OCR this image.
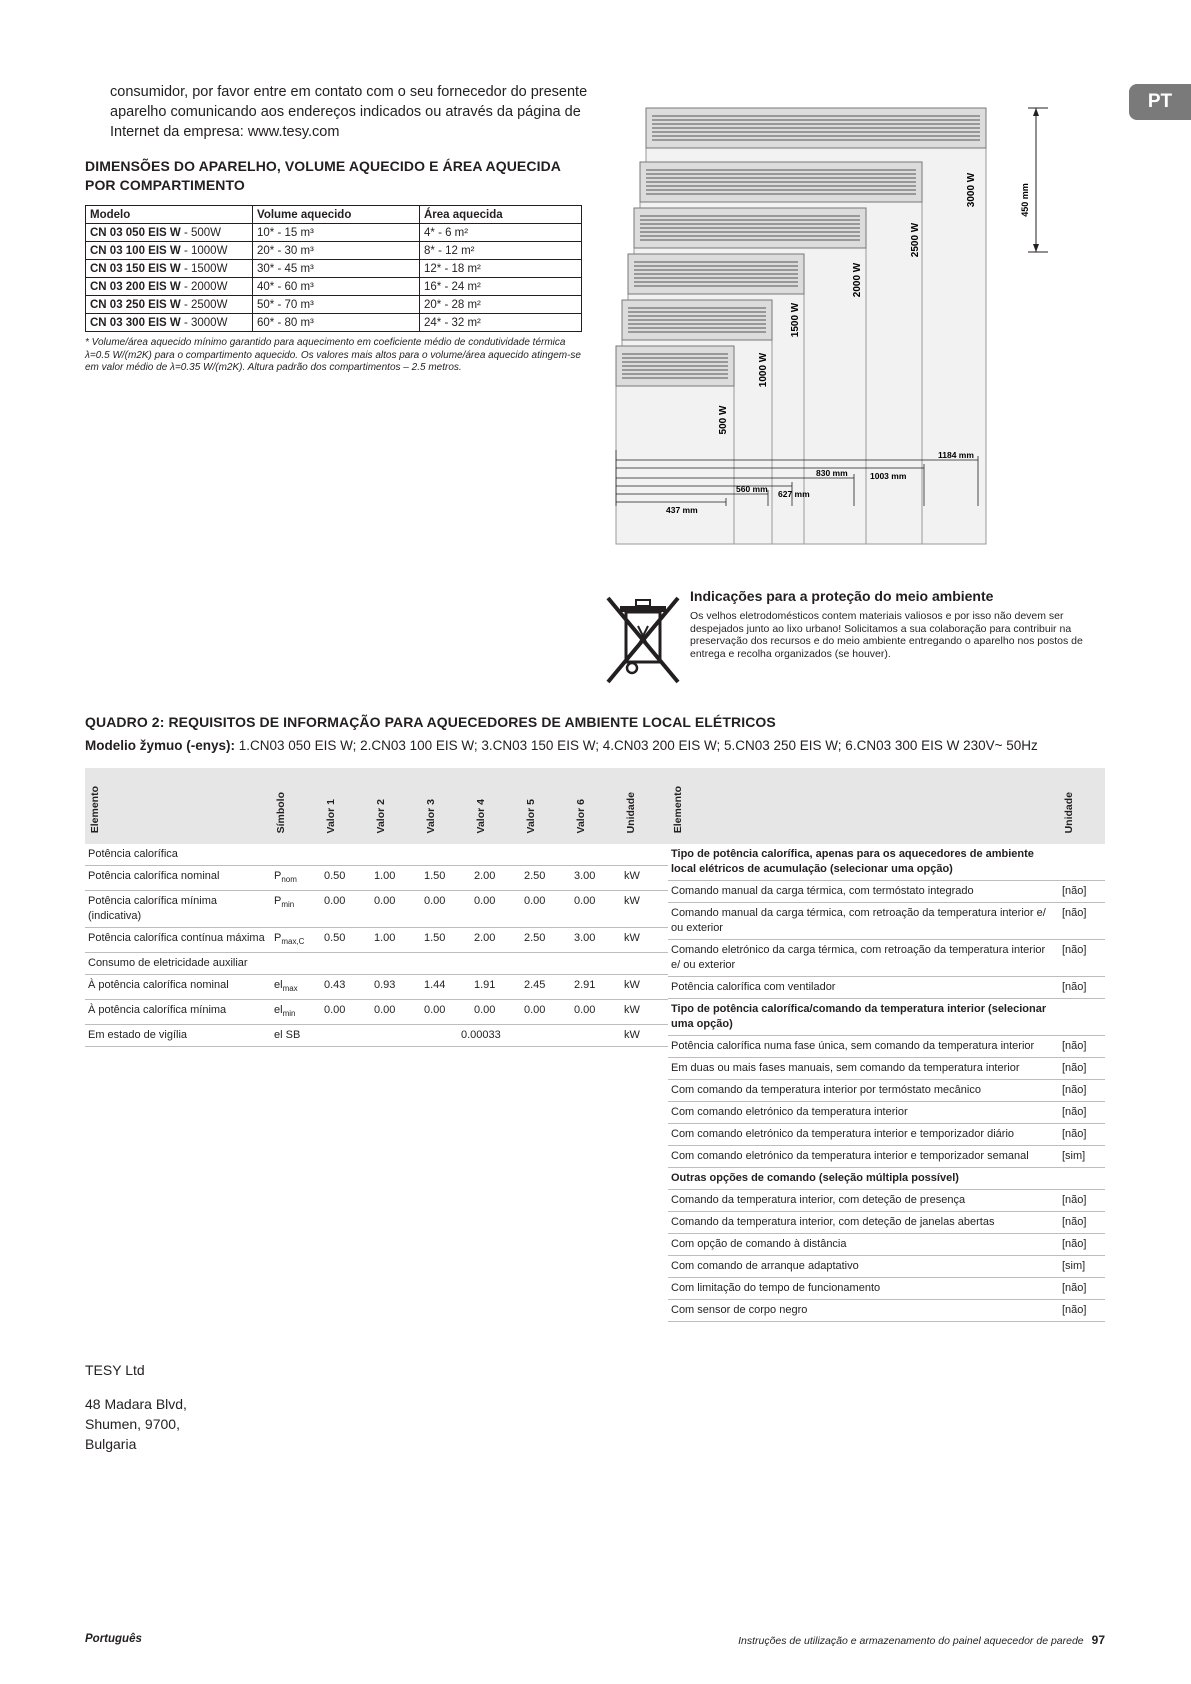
PT

consumidor, por favor entre em contato com o seu fornecedor do presente

aparelho comunicando aos endereços indicados ou através da página de

Internet da empresa: www.tesy.com

DIMENSÕES DO APARELHO, VOLUME AQUECIDO E ÁREA AQUECIDA
POR COMPARTIMENTO
Modelo	Volume aquecido	Área aquecida
CN 03 050 EIS W - 500W	10* - 15 m³	4* - 6 m²
CN 03 100 EIS W - 1000W	20* - 30 m³	8* - 12 m²
CN 03 150 EIS W - 1500W	30* - 45 m³	12* - 18 m²
CN 03 200 EIS W - 2000W	40* - 60 m³	16* - 24 m²
CN 03 250 EIS W - 2500W	50* - 70 m³	20* - 28 m²
CN 03 300 EIS W - 3000W	60* - 80 m³	24* - 32 m²
* Volume/área aquecido mínimo garantido para aquecimento em coeficiente médio de condutividade térmica λ=0.5 W/(m2K) para o compartimento aquecido. Os valores mais altos para o volume/área aquecido atingem-se em valor médio de λ=0.35 W/(m2K). Altura padrão dos compartimentos – 2.5 metros.
3000 W
2500 W
2000 W
1500 W
1000 W
500 W
450 mm
437 mm
560 mm 627 mm
830 mm	1003 mm
1184 mm
Indicações para a proteção do meio ambiente
Os velhos eletrodomésticos contem materiais valiosos e por isso não devem ser despejados junto ao lixo urbano! Solicitamos a sua colaboração para contribuir na preservação dos recursos e do meio ambiente entregando o aparelho nos postos de entrega e recolha organizados (se houver).
QUADRO 2: REQUISITOS DE INFORMAÇÃO PARA AQUECEDORES DE AMBIENTE LOCAL ELÉTRICOS
Modelio žymuo (-enys): 1.CN03 050 EIS W; 2.CN03 100 EIS W; 3.CN03 150 EIS W; 4.CN03 200 EIS W; 5.CN03 250 EIS W; 6.CN03 300 EIS W 230V~ 50Hz
Elemento	Símbolo	Valor 1	Valor 2	Valor 3	Valor 4	Valor 5	Valor 6	Unidade
Potência calorífica								
Potência calorífica nominal	$P_{nom}$	0.50	1.00	1.50	2.00	2.50	3.00	kW
Potência calorífica mínima (indicativa)	$P_{min}$	0.00	0.00	0.00	0.00	0.00	0.00	kW
Potência calorífica contínua máxima	$P_{max,C}$	0.50	1.00	1.50	2.00	2.50	3.00	kW
Consumo de eletricidade auxiliar								
À potência calorífica nominal	$el_{max}$	0.43	0.93	1.44	1.91	2.45	2.91	kW
À potência calorífica mínima	$el_{min}$	0.00	0.00	0.00	0.00	0.00	0.00	kW
Em estado de vigília	el SB			0.00033				kW
Elemento	Unidade
Tipo de potência calorífica, apenas para os aquecedores de ambiente local elétricos de acumulação (selecionar uma opção)	
Comando manual da carga térmica, com termóstato integrado	[não]
Comando manual da carga térmica, com retroação da temperatura interior e/ ou exterior	[não]
Comando eletrónico da carga térmica, com retroação da temperatura interior e/ ou exterior	[não]
Potência calorífica com ventilador	[não]
Tipo de potência calorífica/comando da temperatura interior (selecionar uma opção)	
Potência calorífica numa fase única, sem comando da temperatura interior	[não]
Em duas ou mais fases manuais, sem comando da temperatura interior	[não]
Com comando da temperatura interior por termóstato mecânico	[não]
Com comando eletrónico da temperatura interior	[não]
Com comando eletrónico da temperatura interior e temporizador diário	[não]
Com comando eletrónico da temperatura interior e temporizador semanal	[sim]
Outras opções de comando (seleção múltipla possível)	
Comando da temperatura interior, com deteção de presença	[não]
Comando da temperatura interior, com deteção de janelas abertas	[não]
Com opção de comando à distância	[não]
Com comando de arranque adaptativo	[sim]
Com limitação do tempo de funcionamento	[não]
Com sensor de corpo negro	[não]

TESY Ltd

48 Madara Blvd,
Shumen, 9700,
Bulgaria
Português	Instruções de utilização e armazenamento do painel aquecedor de parede 97
